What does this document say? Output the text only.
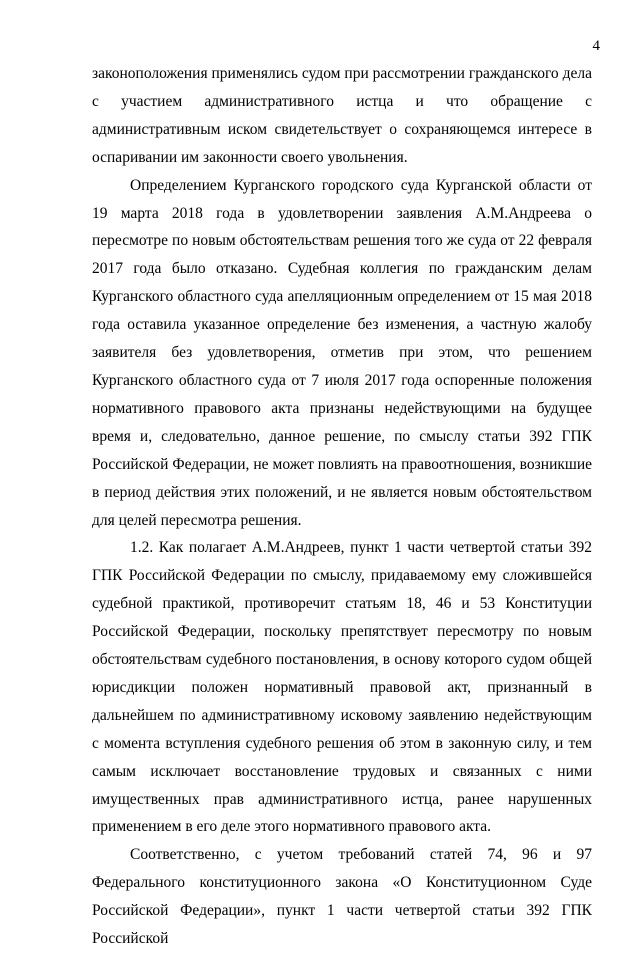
4

законоположения применялись судом при рассмотрении гражданского дела с участием административного истца и что обращение с административным иском свидетельствует о сохраняющемся интересе в оспаривании им законности своего увольнения.

Определением Курганского городского суда Курганской области от 19 марта 2018 года в удовлетворении заявления А.М.Андреева о пересмотре по новым обстоятельствам решения того же суда от 22 февраля 2017 года было отказано. Судебная коллегия по гражданским делам Курганского областного суда апелляционным определением от 15 мая 2018 года оставила указанное определение без изменения, а частную жалобу заявителя без удовлетворения, отметив при этом, что решением Курганского областного суда от 7 июля 2017 года оспоренные положения нормативного правового акта признаны недействующими на будущее время и, следовательно, данное решение, по смыслу статьи 392 ГПК Российской Федерации, не может повлиять на правоотношения, возникшие в период действия этих положений, и не является новым обстоятельством для целей пересмотра решения.

1.2. Как полагает А.М.Андреев, пункт 1 части четвертой статьи 392 ГПК Российской Федерации по смыслу, придаваемому ему сложившейся судебной практикой, противоречит статьям 18, 46 и 53 Конституции Российской Федерации, поскольку препятствует пересмотру по новым обстоятельствам судебного постановления, в основу которого судом общей юрисдикции положен нормативный правовой акт, признанный в дальнейшем по административному исковому заявлению недействующим с момента вступления судебного решения об этом в законную силу, и тем самым исключает восстановление трудовых и связанных с ними имущественных прав административного истца, ранее нарушенных применением в его деле этого нормативного правового акта.

Соответственно, с учетом требований статей 74, 96 и 97 Федерального конституционного закона «О Конституционном Суде Российской Федерации», пункт 1 части четвертой статьи 392 ГПК Российской
